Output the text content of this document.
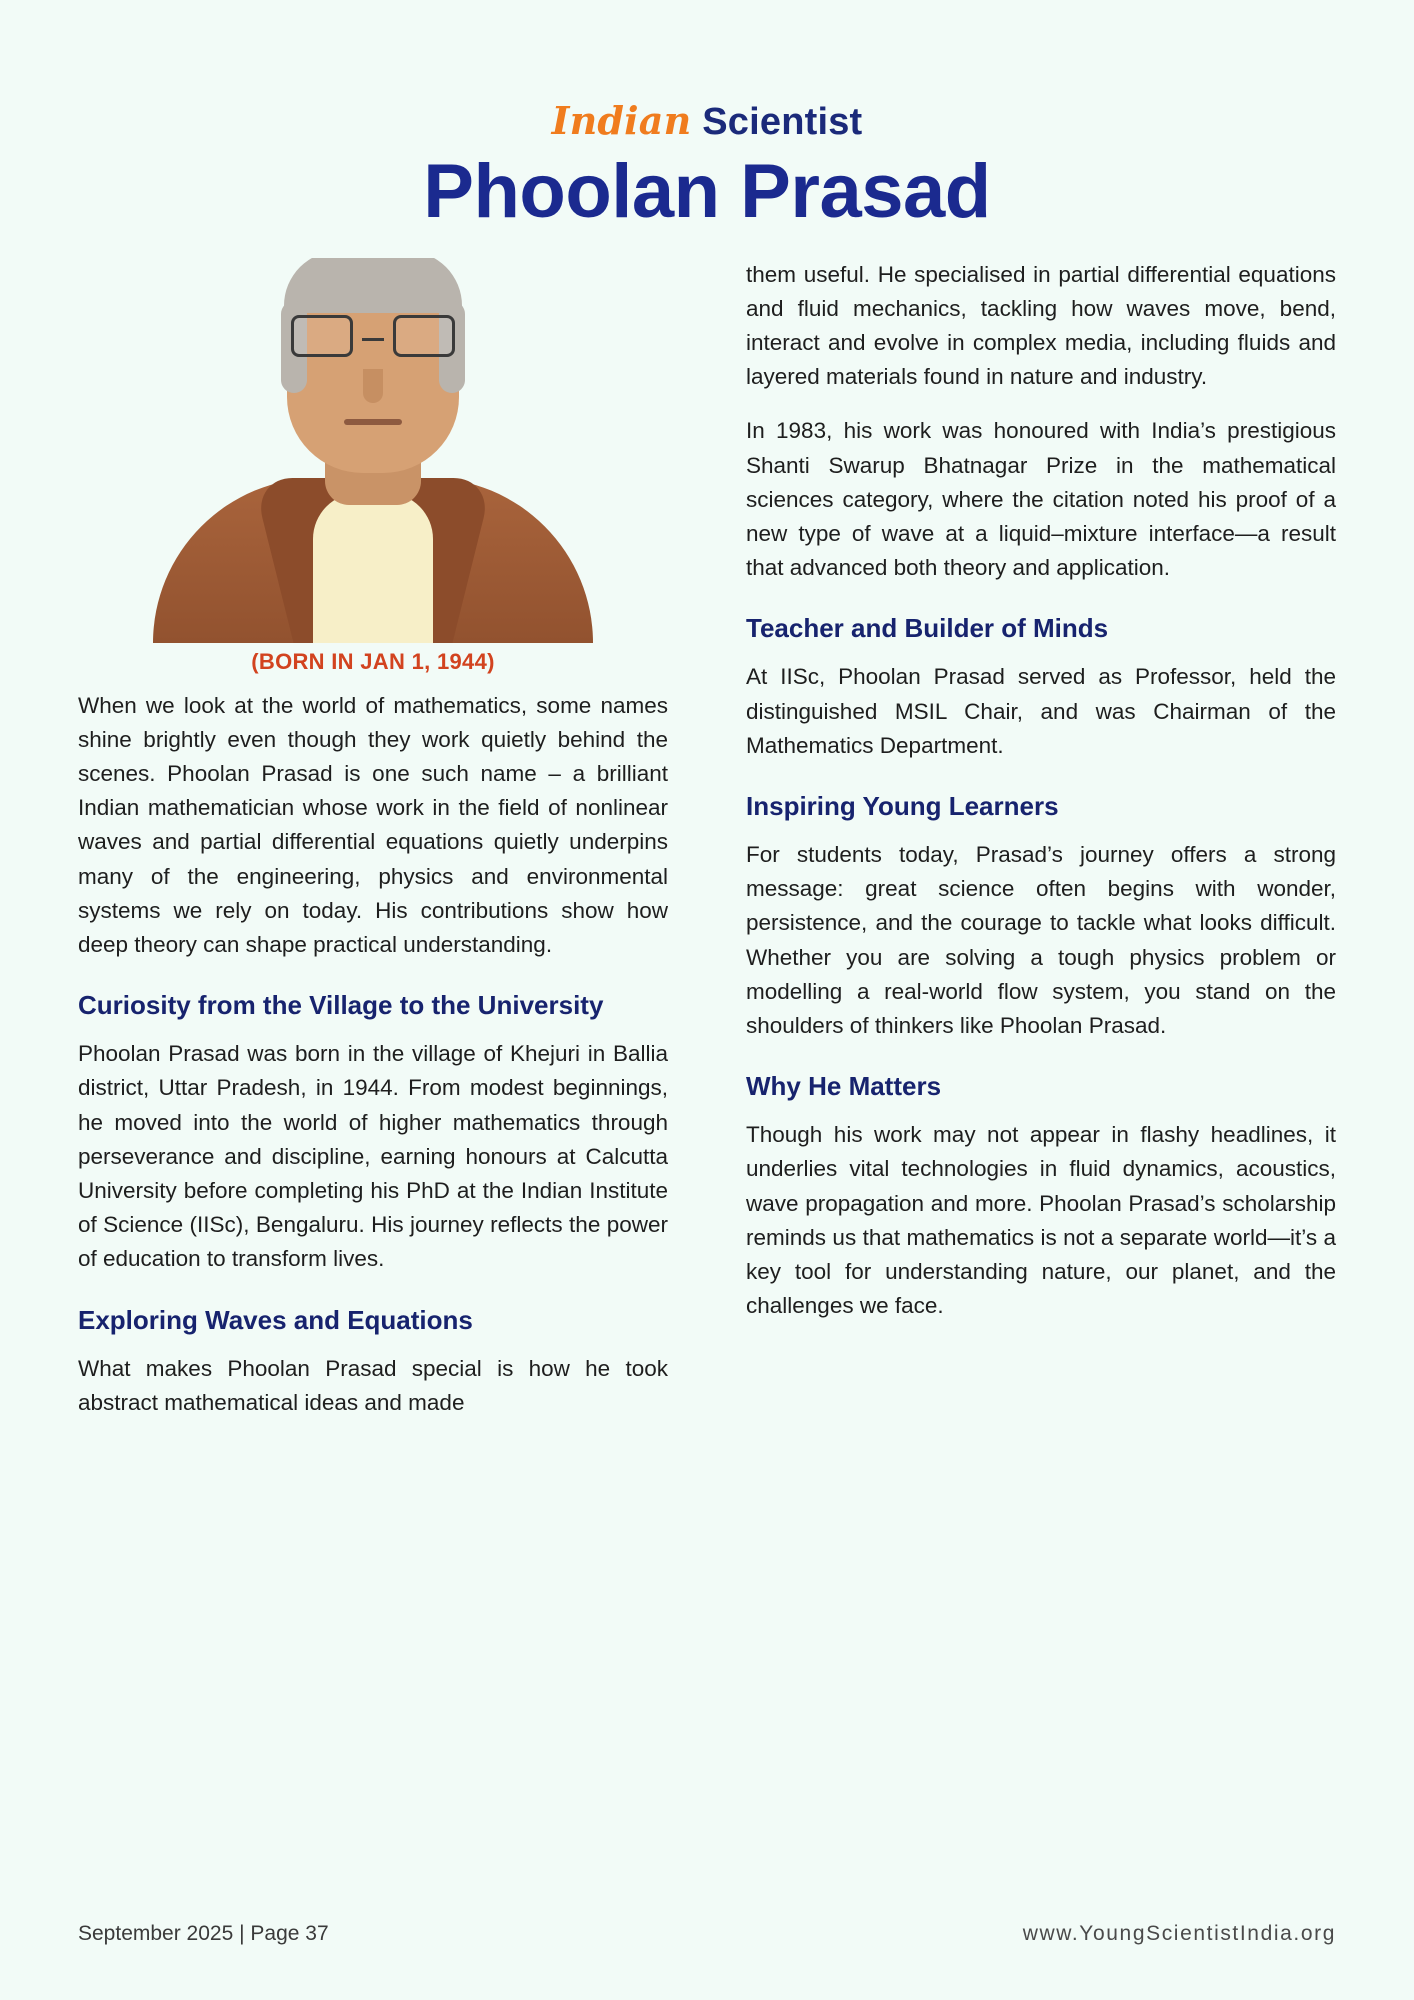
Indian Scientist
Phoolan Prasad
(BORN IN JAN 1, 1944)

When we look at the world of mathematics, some names shine brightly even though they work quietly behind the scenes. Phoolan Prasad is one such name – a brilliant Indian mathematician whose work in the field of nonlinear waves and partial differential equations quietly underpins many of the engineering, physics and environmental systems we rely on today. His contributions show how deep theory can shape practical understanding.

Curiosity from the Village to the University

Phoolan Prasad was born in the village of Khejuri in Ballia district, Uttar Pradesh, in 1944. From modest beginnings, he moved into the world of higher mathematics through perseverance and discipline, earning honours at Calcutta University before completing his PhD at the Indian Institute of Science (IISc), Bengaluru. His journey reflects the power of education to transform lives.

Exploring Waves and Equations

What makes Phoolan Prasad special is how he took abstract mathematical ideas and made

them useful. He specialised in partial differential equations and fluid mechanics, tackling how waves move, bend, interact and evolve in complex media, including fluids and layered materials found in nature and industry.

In 1983, his work was honoured with India’s prestigious Shanti Swarup Bhatnagar Prize in the mathematical sciences category, where the citation noted his proof of a new type of wave at a liquid–mixture interface—a result that advanced both theory and application.

Teacher and Builder of Minds

At IISc, Phoolan Prasad served as Professor, held the distinguished MSIL Chair, and was Chairman of the Mathematics Department.

Inspiring Young Learners

For students today, Prasad’s journey offers a strong message: great science often begins with wonder, persistence, and the courage to tackle what looks difficult. Whether you are solving a tough physics problem or modelling a real-world flow system, you stand on the shoulders of thinkers like Phoolan Prasad.

Why He Matters

Though his work may not appear in flashy headlines, it underlies vital technologies in fluid dynamics, acoustics, wave propagation and more. Phoolan Prasad’s scholarship reminds us that mathematics is not a separate world—it’s a key tool for understanding nature, our planet, and the challenges we face.

September 2025 | Page 37	www.YoungScientistIndia.org
